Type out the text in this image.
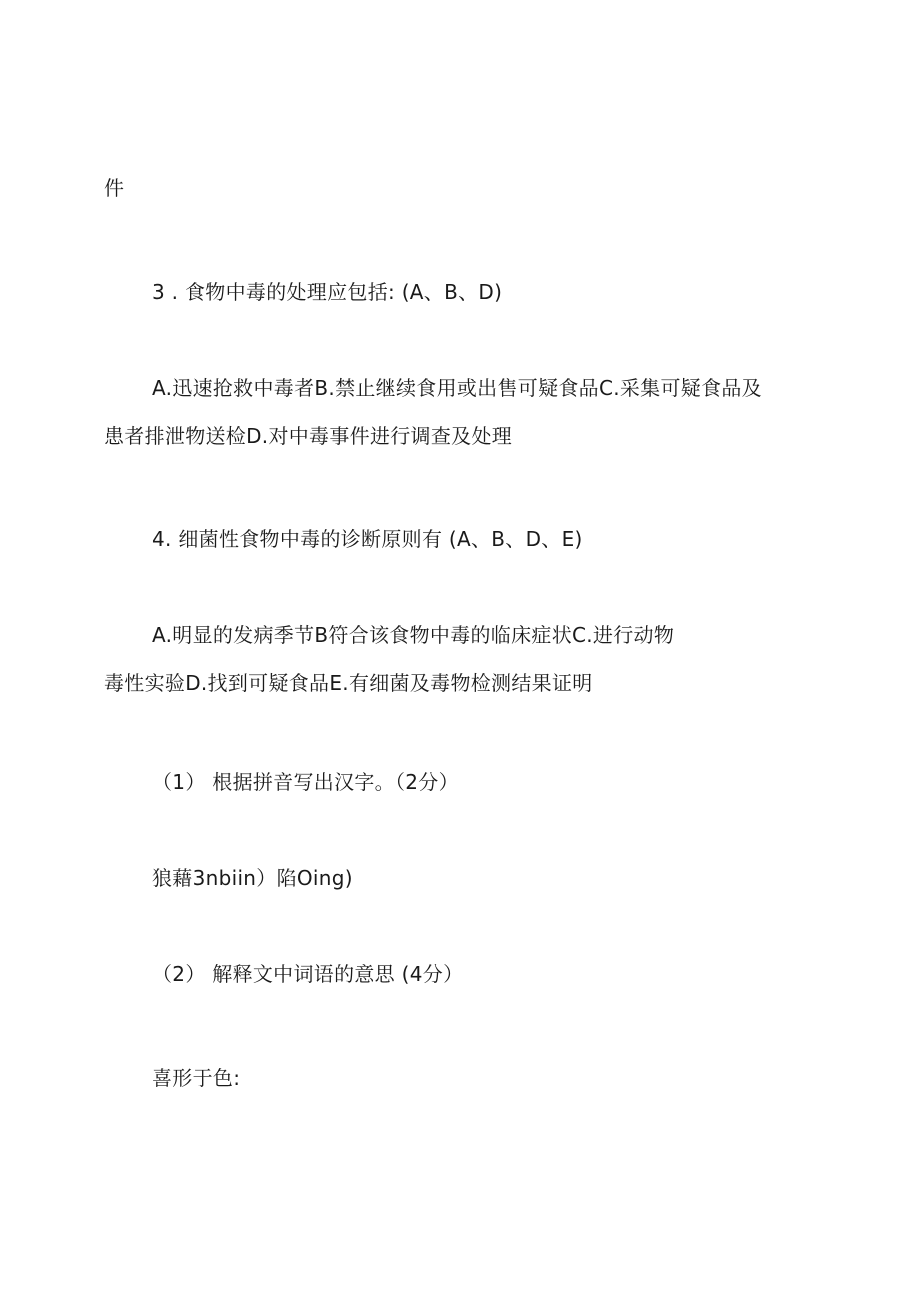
件
3 . 食物中毒的处理应包括: (A、B、D)
A.迅速抢救中毒者B.禁止继续食用或出售可疑食品C.采集可疑食品及
患者排泄物送检D.对中毒事件进行调查及处理
4. 细菌性食物中毒的诊断原则有 (A、B、D、E)
A.明显的发病季节B符合该食物中毒的临床症状C.进行动物
毒性实验D.找到可疑食品E.有细菌及毒物检测结果证明
（1） 根据拼音写出汉字。（2分）
狼藉3nbiin）陷Oing)
（2） 解释文中词语的意思 (4分）
喜形于色:
